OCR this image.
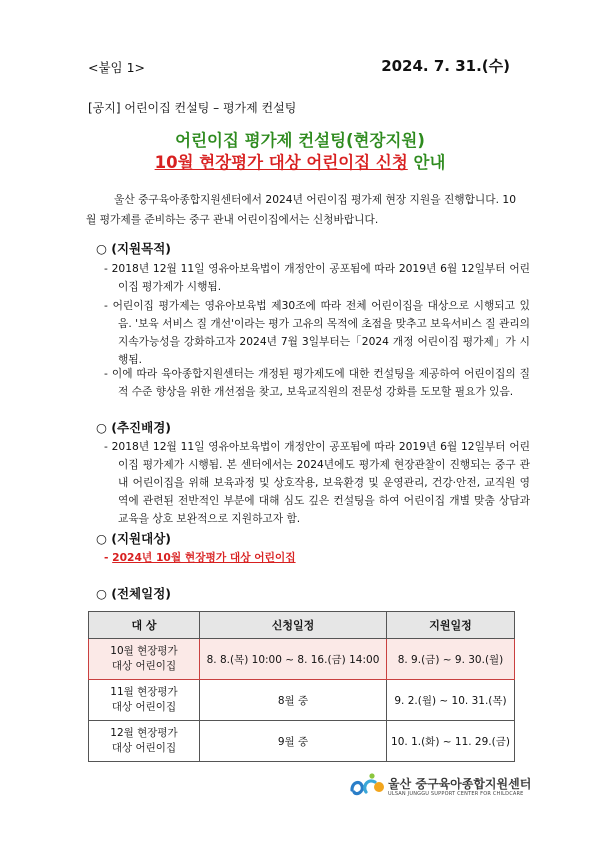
<붙임 1>	2024. 7. 31.(수)
[공지] 어린이집 컨설팅 – 평가제 컨설팅
어린이집 평가제 컨설팅(현장지원)
10월 현장평가 대상 어린이집 신청 안내
울산 중구육아종합지원센터에서 2024년 어린이집 평가제 현장 지원을 진행합니다. 10월 평가제를 준비하는 중구 관내 어린이집에서는 신청바랍니다.
○ (지원목적)
- 2018년 12월 11일 영유아보육법이 개정안이 공포됨에 따라 2019년 6월 12일부터 어린이집 평가제가 시행됨.
- 어린이집 평가제는 영유아보육법 제30조에 따라 전체 어린이집을 대상으로 시행되고 있음. '보육 서비스 질 개선'이라는 평가 고유의 목적에 초점을 맞추고 보육서비스 질 관리의 지속가능성을 강화하고자 2024년 7월 3일부터는「2024 개정 어린이집 평가제」가 시행됨.
- 이에 따라 육아종합지원센터는 개정된 평가제도에 대한 컨설팅을 제공하여 어린이집의 질적 수준 향상을 위한 개선점을 찾고, 보육교직원의 전문성 강화를 도모할 필요가 있음.
○ (추진배경)
- 2018년 12월 11일 영유아보육법이 개정안이 공포됨에 따라 2019년 6월 12일부터 어린이집 평가제가 시행됨. 본 센터에서는 2024년에도 평가제 현장관찰이 진행되는 중구 관내 어린이집을 위해 보육과정 및 상호작용, 보육환경 및 운영관리, 건강·안전, 교직원 영역에 관련된 전반적인 부분에 대해 심도 깊은 컨설팅을 하여 어린이집 개별 맞춤 상담과 교육을 상호 보완적으로 지원하고자 함.
○ (지원대상)
- 2024년 10월 현장평가 대상 어린이집
○ (전체일정)
대 상	신청일정	지원일정
10월 현장평가
대상 어린이집	8. 8.(목) 10:00 ~ 8. 16.(금) 14:00	8. 9.(금) ~ 9. 30.(월)
11월 현장평가
대상 어린이집	8월 중	9. 2.(월) ~ 10. 31.(목)
12월 현장평가
대상 어린이집	9월 중	10. 1.(화) ~ 11. 29.(금)
울산 중구육아종합지원센터
ULSAN JUNGGU SUPPORT CENTER FOR CHILDCARE
